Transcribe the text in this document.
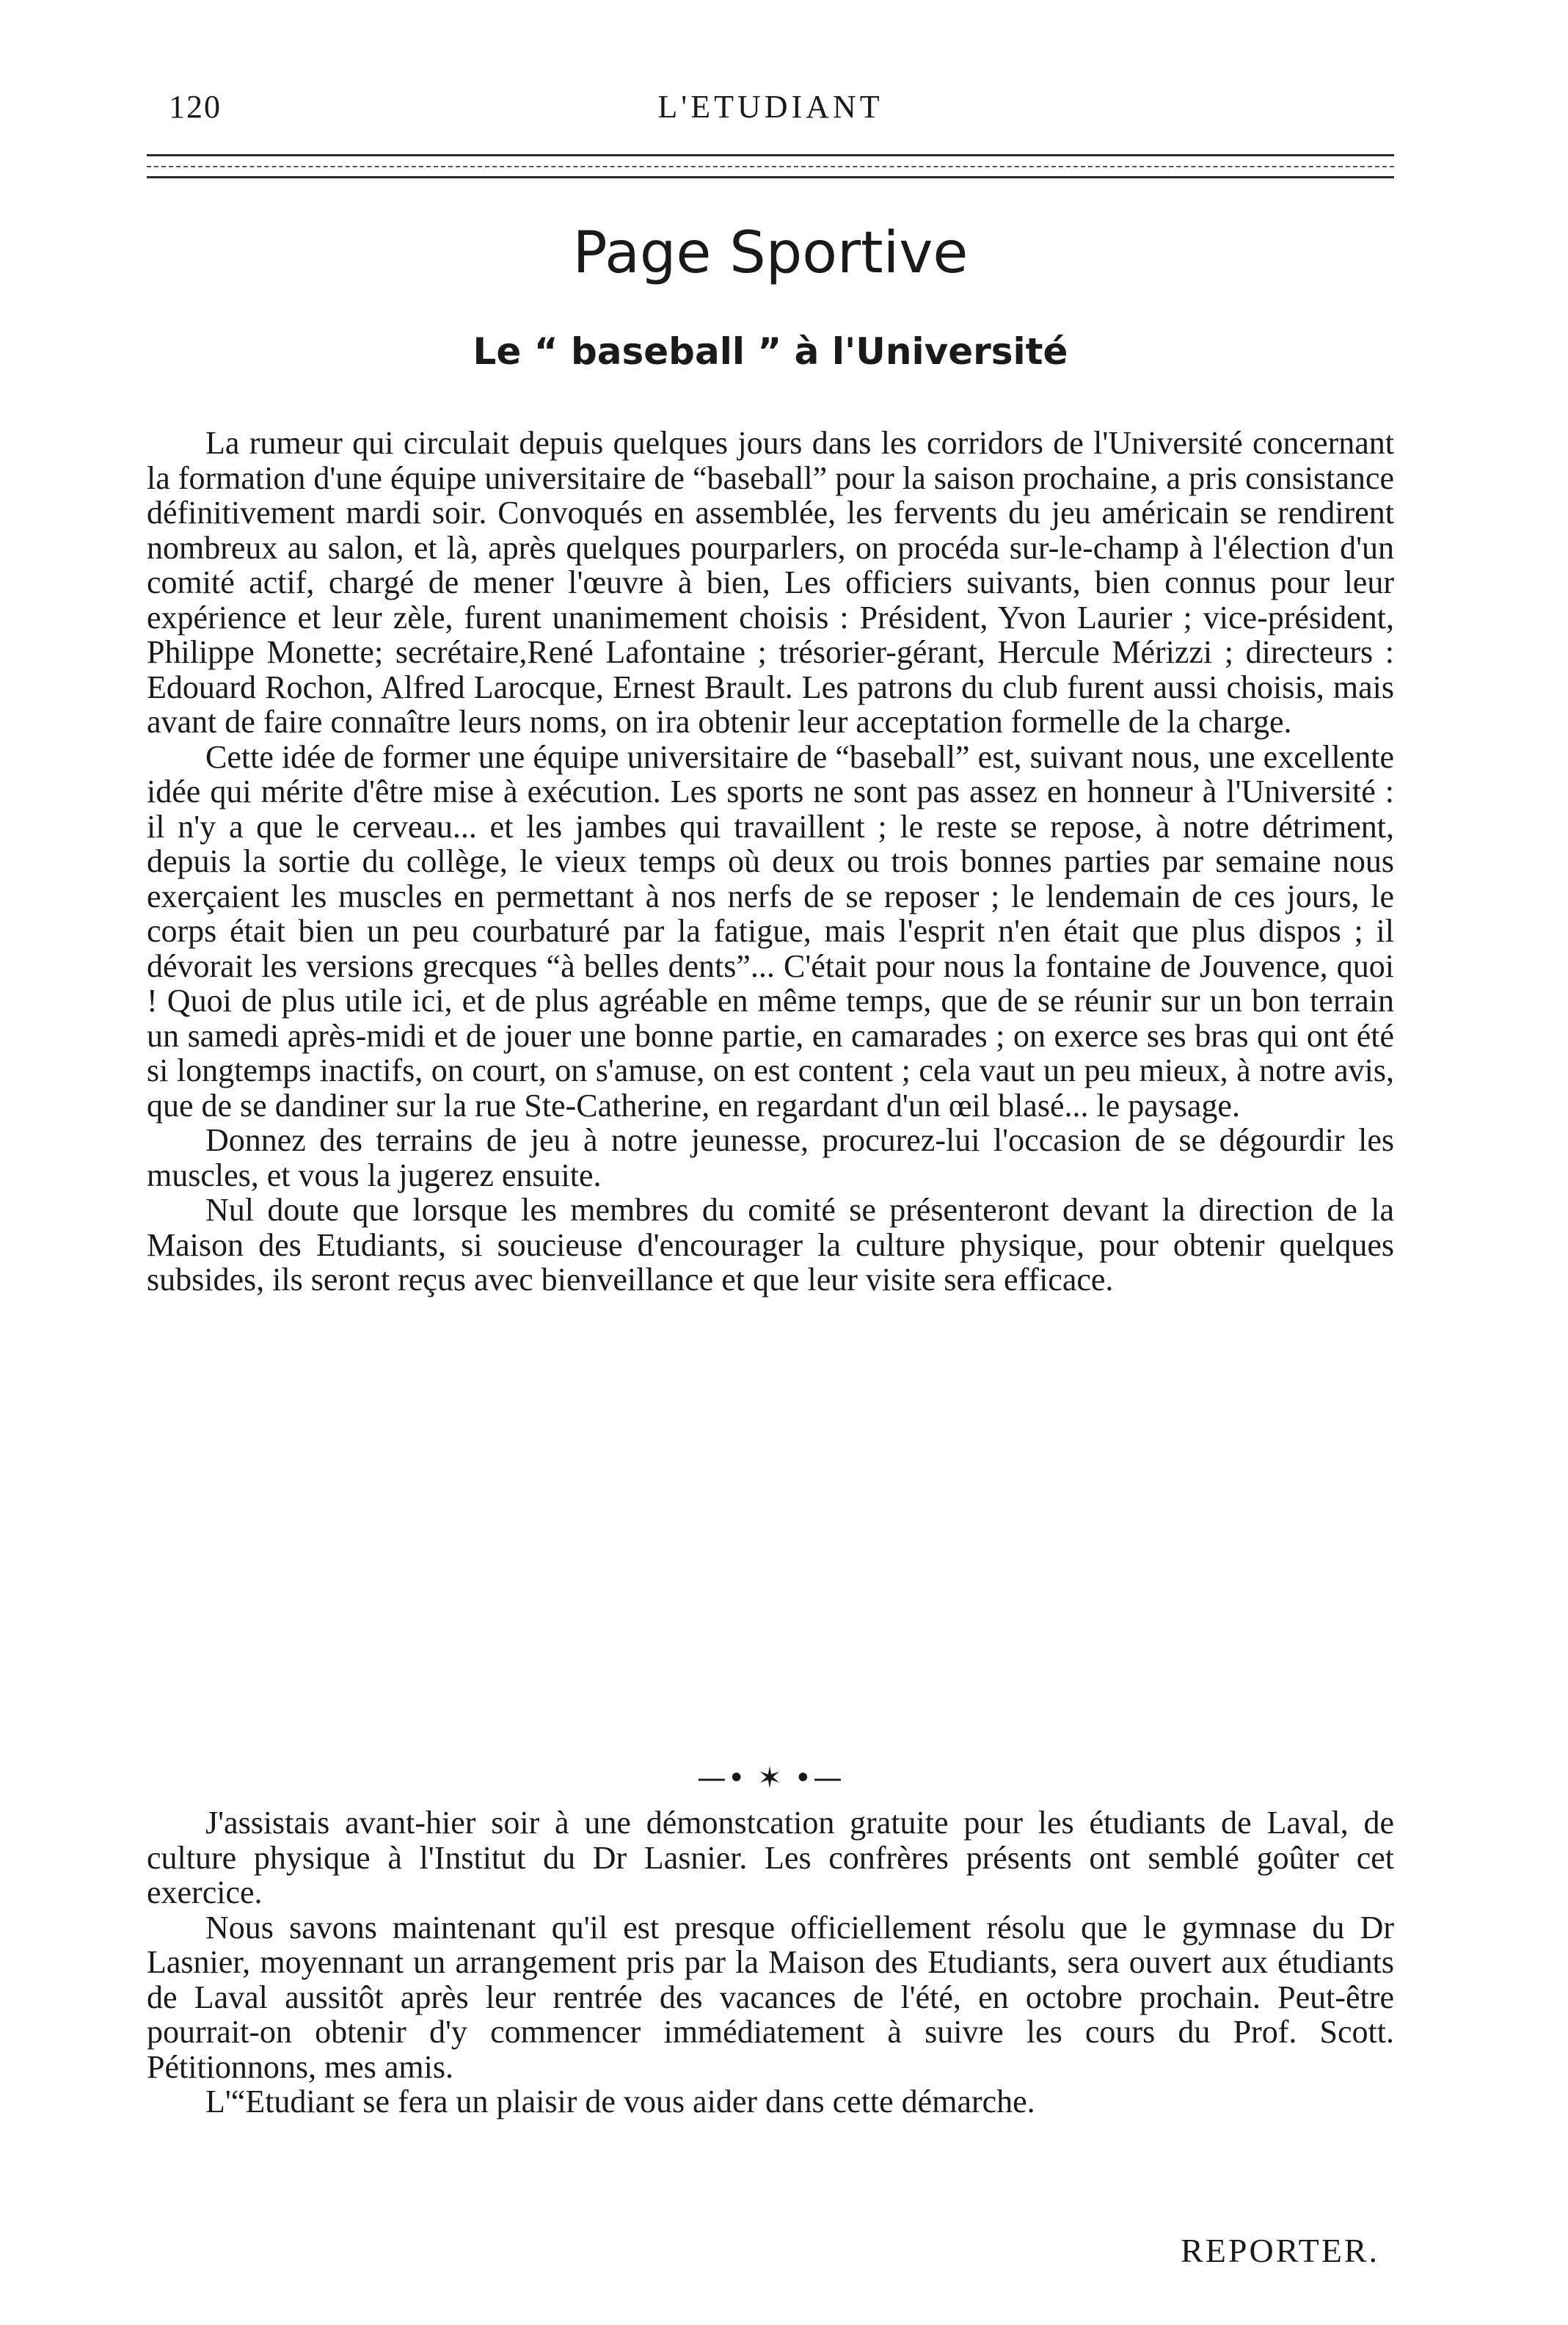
120	L'ETUDIANT
Page Sportive
Le “ baseball ” à l'Université

La rumeur qui circulait depuis quelques jours dans les corridors de l'Université concernant la formation d'une équipe universitaire de “baseball” pour la saison prochaine, a pris consistance définitivement mardi soir. Convoqués en assemblée, les fervents du jeu américain se rendirent nombreux au salon, et là, après quelques pourparlers, on procéda sur-le-champ à l'élection d'un comité actif, chargé de mener l'œuvre à bien, Les officiers suivants, bien connus pour leur expérience et leur zèle, furent unanimement choisis : Président, Yvon Laurier ; vice-président, Philippe Monette; secrétaire,René Lafontaine ; trésorier-gérant, Hercule Mérizzi ; directeurs : Edouard Rochon, Alfred Larocque, Ernest Brault. Les patrons du club furent aussi choisis, mais avant de faire connaître leurs noms, on ira obtenir leur acceptation formelle de la charge.

Cette idée de former une équipe universitaire de “baseball” est, suivant nous, une excellente idée qui mérite d'être mise à exécution. Les sports ne sont pas assez en honneur à l'Université : il n'y a que le cerveau... et les jambes qui travaillent ; le reste se repose, à notre détriment, depuis la sortie du collège, le vieux temps où deux ou trois bonnes parties par semaine nous exerçaient les muscles en permettant à nos nerfs de se reposer ; le lendemain de ces jours, le corps était bien un peu courbaturé par la fatigue, mais l'esprit n'en était que plus dispos ; il dévorait les versions grecques “à belles dents”... C'était pour nous la fontaine de Jouvence, quoi ! Quoi de plus utile ici, et de plus agréable en même temps, que de se réunir sur un bon terrain un samedi après-midi et de jouer une bonne partie, en camarades ; on exerce ses bras qui ont été si longtemps inactifs, on court, on s'amuse, on est content ; cela vaut un peu mieux, à notre avis, que de se dandiner sur la rue Ste-Catherine, en regardant d'un œil blasé... le paysage.

Donnez des terrains de jeu à notre jeunesse, procurez-lui l'occasion de se dégourdir les muscles, et vous la jugerez ensuite.

Nul doute que lorsque les membres du comité se présenteront devant la direction de la Maison des Etudiants, si soucieuse d'encourager la culture physique, pour obtenir quelques subsides, ils seront reçus avec bienveillance et que leur visite sera efficace.

—• ✶ •—

J'assistais avant-hier soir à une démonstcation gratuite pour les étudiants de Laval, de culture physique à l'Institut du Dr Lasnier. Les confrères présents ont semblé goûter cet exercice.

Nous savons maintenant qu'il est presque officiellement résolu que le gymnase du Dr Lasnier, moyennant un arrangement pris par la Maison des Etudiants, sera ouvert aux étudiants de Laval aussitôt après leur rentrée des vacances de l'été, en octobre prochain. Peut-être pourrait-on obtenir d'y commencer immédiatement à suivre les cours du Prof. Scott. Pétitionnons, mes amis.

L'“Etudiant se fera un plaisir de vous aider dans cette démarche.

REPORTER.
